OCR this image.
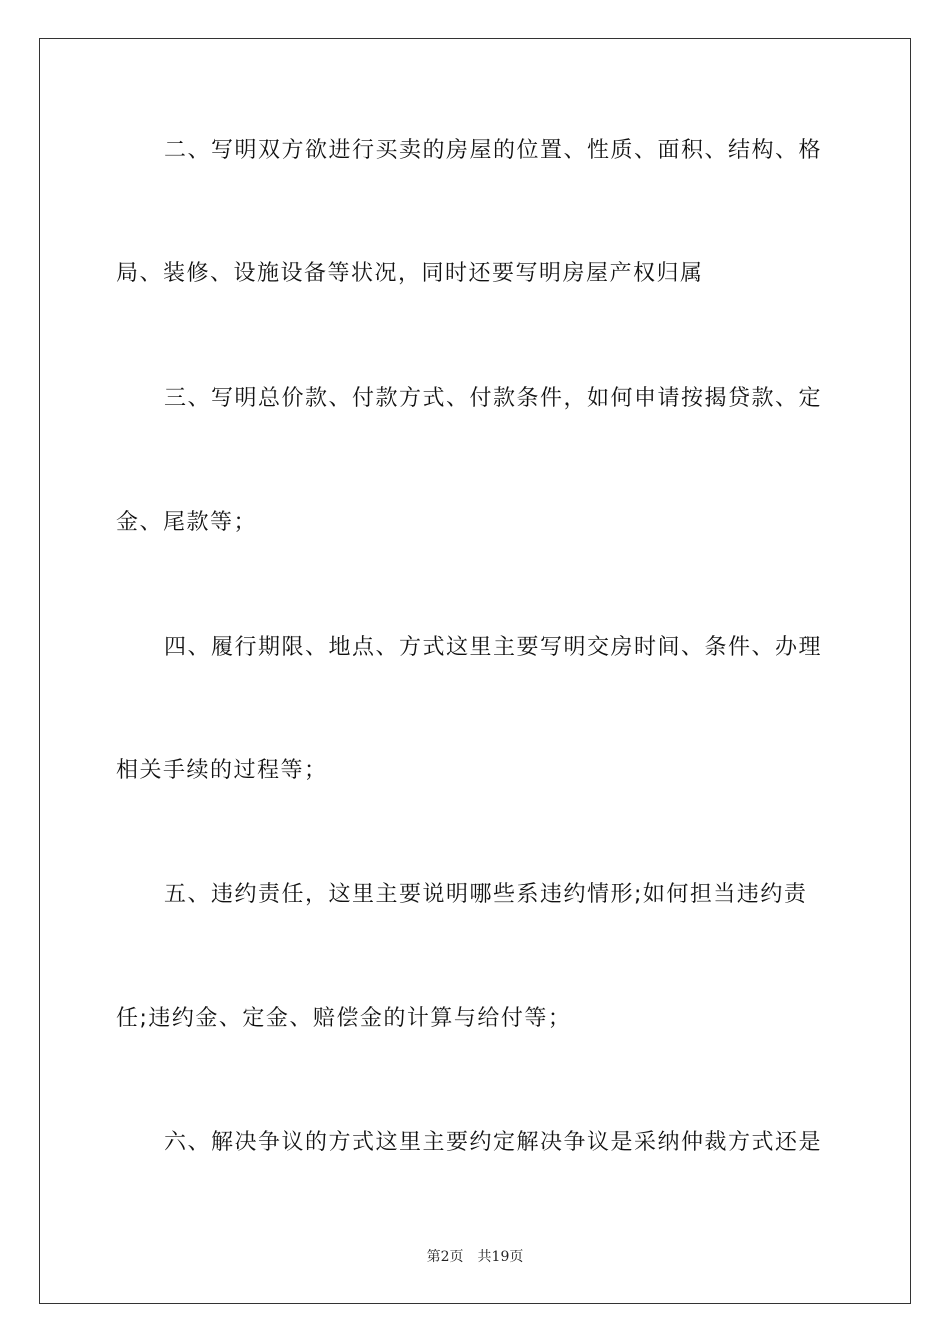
二、写明双方欲进行买卖的房屋的位置、性质、面积、结构、格
局、装修、设施设备等状况，同时还要写明房屋产权归属
三、写明总价款、付款方式、付款条件，如何申请按揭贷款、定
金、尾款等；
四、履行期限、地点、方式这里主要写明交房时间、条件、办理
相关手续的过程等；
五、违约责任，这里主要说明哪些系违约情形;如何担当违约责
任;违约金、定金、赔偿金的计算与给付等；
六、解决争议的方式这里主要约定解决争议是采纳仲裁方式还是
第2页 共19页
